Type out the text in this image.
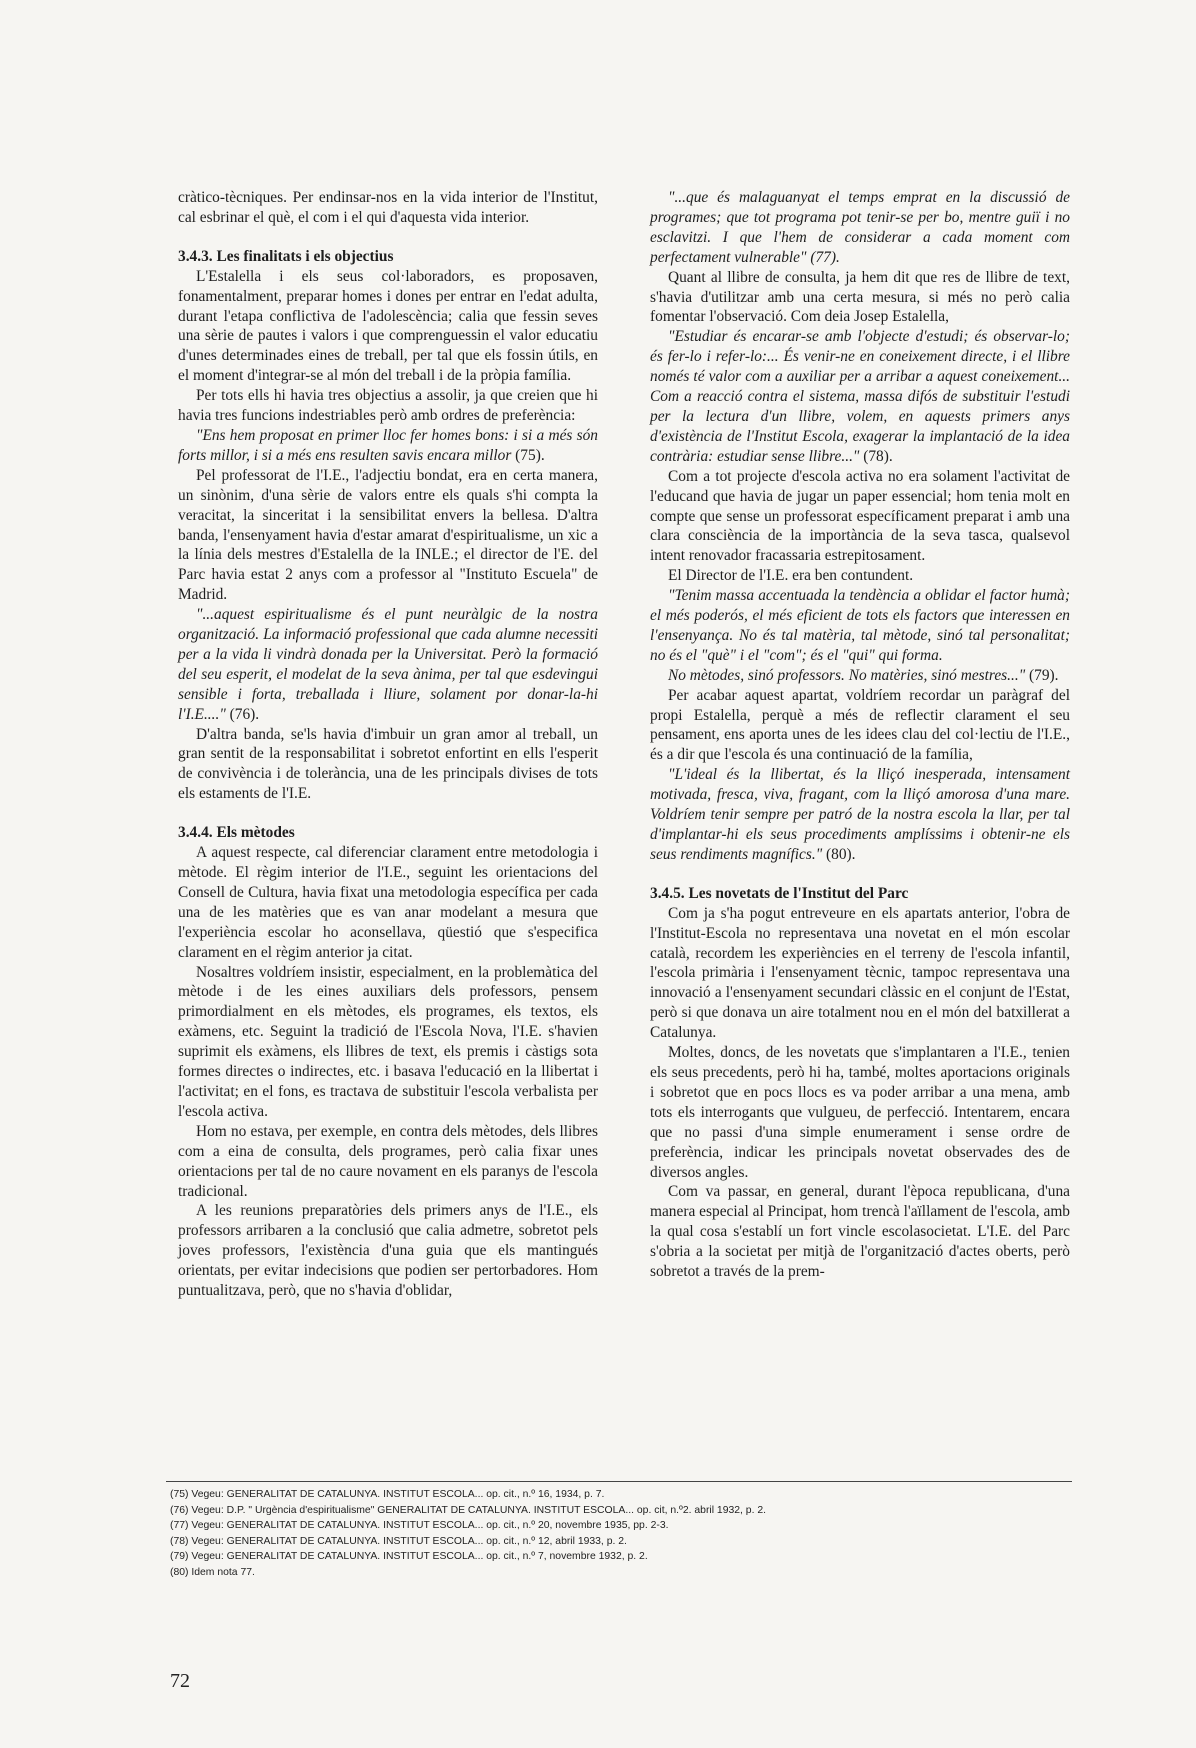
cràtico-tècniques. Per endinsar-nos en la vida interior de l'Institut, cal esbrinar el què, el com i el qui d'aquesta vida interior.

3.4.3. Les finalitats i els objectius

L'Estalella i els seus col·laboradors, es proposaven, fonamentalment, preparar homes i dones per entrar en l'edat adulta, durant l'etapa conflictiva de l'adolescència; calia que fessin seves una sèrie de pautes i valors i que comprenguessin el valor educatiu d'unes determinades eines de treball, per tal que els fossin útils, en el moment d'integrar-se al món del treball i de la pròpia família.

Per tots ells hi havia tres objectius a assolir, ja que creien que hi havia tres funcions indestriables però amb ordres de preferència:

"Ens hem proposat en primer lloc fer homes bons: i si a més són forts millor, i si a més ens resulten savis encara millor (75).

Pel professorat de l'I.E., l'adjectiu bondat, era en certa manera, un sinònim, d'una sèrie de valors entre els quals s'hi compta la veracitat, la sinceritat i la sensibilitat envers la bellesa. D'altra banda, l'ensenyament havia d'estar amarat d'espiritualisme, un xic a la línia dels mestres d'Estalella de la INLE.; el director de l'E. del Parc havia estat 2 anys com a professor al "Instituto Escuela" de Madrid.

"...aquest espiritualisme és el punt neuràlgic de la nostra organització. La informació professional que cada alumne necessiti per a la vida li vindrà donada per la Universitat. Però la formació del seu esperit, el modelat de la seva ànima, per tal que esdevingui sensible i forta, treballada i lliure, solament por donar-la-hi l'I.E...." (76).

D'altra banda, se'ls havia d'imbuir un gran amor al treball, un gran sentit de la responsabilitat i sobretot enfortint en ells l'esperit de convivència i de tolerància, una de les principals divises de tots els estaments de l'I.E.

3.4.4. Els mètodes

A aquest respecte, cal diferenciar clarament entre metodologia i mètode. El règim interior de l'I.E., seguint les orientacions del Consell de Cultura, havia fixat una metodologia específica per cada una de les matèries que es van anar modelant a mesura que l'experiència escolar ho aconsellava, qüestió que s'especifica clarament en el règim anterior ja citat.

Nosaltres voldríem insistir, especialment, en la problemàtica del mètode i de les eines auxiliars dels professors, pensem primordialment en els mètodes, els programes, els textos, els exàmens, etc. Seguint la tradició de l'Escola Nova, l'I.E. s'havien suprimit els exàmens, els llibres de text, els premis i càstigs sota formes directes o indirectes, etc. i basava l'educació en la llibertat i l'activitat; en el fons, es tractava de substituir l'escola verbalista per l'escola activa.

Hom no estava, per exemple, en contra dels mètodes, dels llibres com a eina de consulta, dels programes, però calia fixar unes orientacions per tal de no caure novament en els paranys de l'escola tradicional.

A les reunions preparatòries dels primers anys de l'I.E., els professors arribaren a la conclusió que calia admetre, sobretot pels joves professors, l'existència d'una guia que els mantingués orientats, per evitar indecisions que podien ser pertorbadores. Hom puntualitzava, però, que no s'havia d'oblidar,

"...que és malaguanyat el temps emprat en la discussió de programes; que tot programa pot tenir-se per bo, mentre guiï i no esclavitzi. I que l'hem de considerar a cada moment com perfectament vulnerable" (77).

Quant al llibre de consulta, ja hem dit que res de llibre de text, s'havia d'utilitzar amb una certa mesura, si més no però calia fomentar l'observació. Com deia Josep Estalella,

"Estudiar és encarar-se amb l'objecte d'estudi; és observar-lo; és fer-lo i refer-lo:... És venir-ne en coneixement directe, i el llibre només té valor com a auxiliar per a arribar a aquest coneixement... Com a reacció contra el sistema, massa difós de substituir l'estudi per la lectura d'un llibre, volem, en aquests primers anys d'existència de l'Institut Escola, exagerar la implantació de la idea contrària: estudiar sense llibre..." (78).

Com a tot projecte d'escola activa no era solament l'activitat de l'educand que havia de jugar un paper essencial; hom tenia molt en compte que sense un professorat específicament preparat i amb una clara consciència de la importància de la seva tasca, qualsevol intent renovador fracassaria estrepitosament.

El Director de l'I.E. era ben contundent.

"Tenim massa accentuada la tendència a oblidar el factor humà; el més poderós, el més eficient de tots els factors que interessen en l'ensenyança. No és tal matèria, tal mètode, sinó tal personalitat; no és el "què" i el "com"; és el "qui" qui forma.

No mètodes, sinó professors. No matèries, sinó mestres..." (79).

Per acabar aquest apartat, voldríem recordar un paràgraf del propi Estalella, perquè a més de reflectir clarament el seu pensament, ens aporta unes de les idees clau del col·lectiu de l'I.E., és a dir que l'escola és una continuació de la família,

"L'ideal és la llibertat, és la lliçó inesperada, intensament motivada, fresca, viva, fragant, com la lliçó amorosa d'una mare. Voldríem tenir sempre per patró de la nostra escola la llar, per tal d'implantar-hi els seus procediments amplíssims i obtenir-ne els seus rendiments magnífics." (80).

3.4.5. Les novetats de l'Institut del Parc

Com ja s'ha pogut entreveure en els apartats anterior, l'obra de l'Institut-Escola no representava una novetat en el món escolar català, recordem les experiències en el terreny de l'escola infantil, l'escola primària i l'ensenyament tècnic, tampoc representava una innovació a l'ensenyament secundari clàssic en el conjunt de l'Estat, però si que donava un aire totalment nou en el món del batxillerat a Catalunya.

Moltes, doncs, de les novetats que s'implantaren a l'I.E., tenien els seus precedents, però hi ha, també, moltes aportacions originals i sobretot que en pocs llocs es va poder arribar a una mena, amb tots els interrogants que vulgueu, de perfecció. Intentarem, encara que no passi d'una simple enumerament i sense ordre de preferència, indicar les principals novetat observades des de diversos angles.

Com va passar, en general, durant l'època republicana, d'una manera especial al Principat, hom trencà l'aïllament de l'escola, amb la qual cosa s'establí un fort vincle escolasocietat. L'I.E. del Parc s'obria a la societat per mitjà de l'organització d'actes oberts, però sobretot a través de la prem-

(75) Vegeu: GENERALITAT DE CATALUNYA. INSTITUT ESCOLA... op. cit., n.º 16, 1934, p. 7.
(76) Vegeu: D.P. " Urgència d'espiritualisme" GENERALITAT DE CATALUNYA. INSTITUT ESCOLA... op. cit, n.º2. abril 1932, p. 2.
(77) Vegeu: GENERALITAT DE CATALUNYA. INSTITUT ESCOLA... op. cit., n.º 20, novembre 1935, pp. 2-3.
(78) Vegeu: GENERALITAT DE CATALUNYA. INSTITUT ESCOLA... op. cit., n.º 12, abril 1933, p. 2.
(79) Vegeu: GENERALITAT DE CATALUNYA. INSTITUT ESCOLA... op. cit., n.º 7, novembre 1932, p. 2.
(80) Idem nota 77.
72
